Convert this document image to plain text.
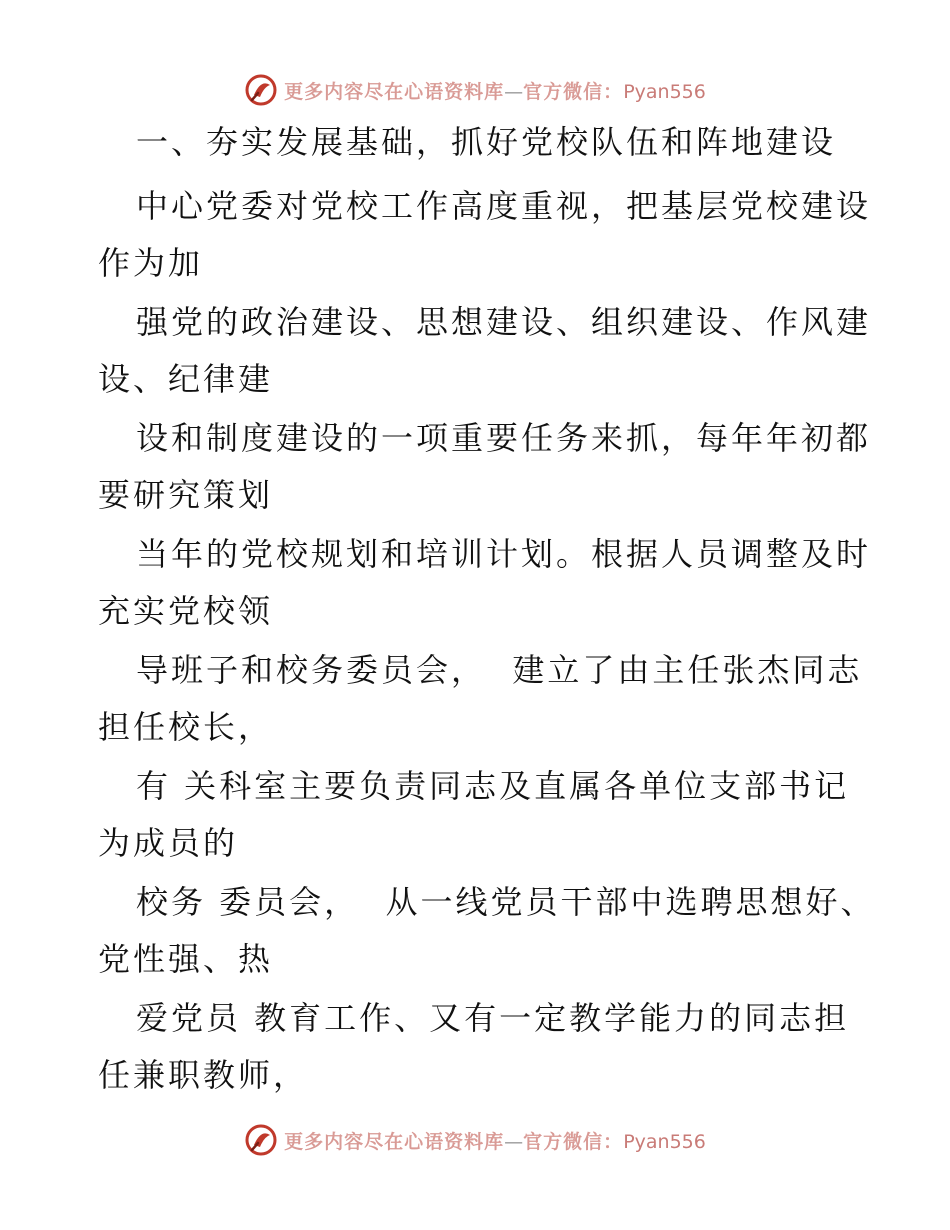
更多内容尽在心语资料库—官方微信：Pyan556
一、夯实发展基础，抓好党校队伍和阵地建设
中心党委对党校工作高度重视，把基层党校建设
作为加
强党的政治建设、思想建设、组织建设、作风建
设、纪律建
设和制度建设的一项重要任务来抓，每年年初都
要研究策划
当年的党校规划和培训计划。根据人员调整及时
充实党校领
导班子和校务委员会，  建立了由主任张杰同志
担任校长，
有 关科室主要负责同志及直属各单位支部书记
为成员的
校务 委员会，  从一线党员干部中选聘思想好、
党性强、热
爱党员 教育工作、又有一定教学能力的同志担
任兼职教师，
更多内容尽在心语资料库—官方微信：Pyan556
